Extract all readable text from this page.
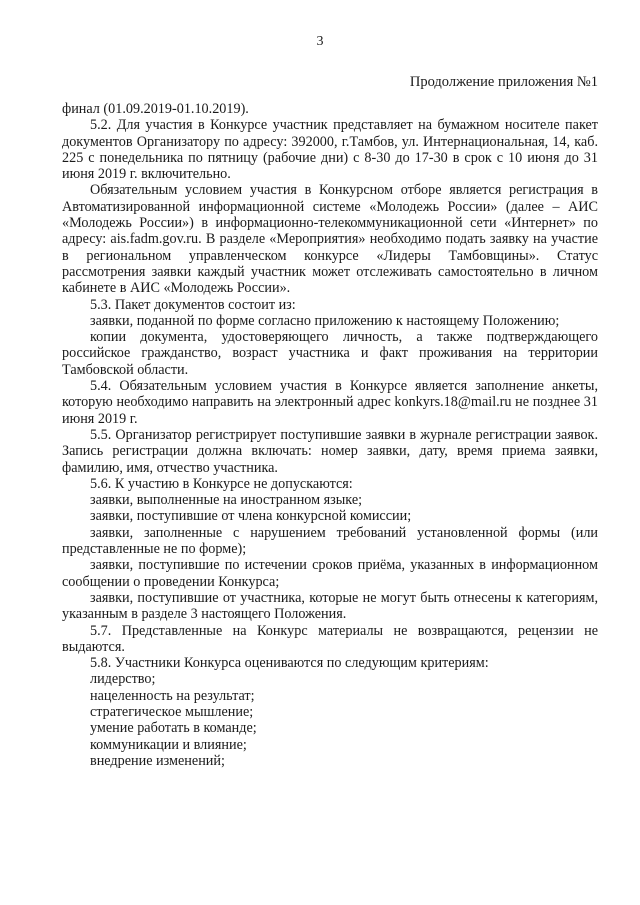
3
Продолжение приложения №1

финал (01.09.2019-01.10.2019).

5.2. Для участия в Конкурсе участник представляет на бумажном носителе пакет документов Организатору по адресу: 392000, г.Тамбов, ул. Интернациональная, 14, каб. 225 с понедельника по пятницу (рабочие дни) с 8-30 до 17-30 в срок с 10 июня до 31 июня 2019 г. включительно.

Обязательным условием участия в Конкурсном отборе является регистрация в Автоматизированной информационной системе «Молодежь России» (далее – АИС «Молодежь России») в информационно-телекоммуникационной сети «Интернет» по адресу: ais.fadm.gov.ru. В разделе «Мероприятия» необходимо подать заявку на участие в региональном управленческом конкурсе «Лидеры Тамбовщины». Статус рассмотрения заявки каждый участник может отслеживать самостоятельно в личном кабинете в АИС «Молодежь России».

5.3. Пакет документов состоит из:

заявки, поданной по форме согласно приложению к настоящему Положению;

копии документа, удостоверяющего личность, а также подтверждающего российское гражданство, возраст участника и факт проживания на территории Тамбовской области.

5.4. Обязательным условием участия в Конкурсе является заполнение анкеты, которую необходимо направить на электронный адрес konkyrs.18@mail.ru не позднее 31 июня 2019 г.

5.5. Организатор регистрирует поступившие заявки в журнале регистрации заявок. Запись регистрации должна включать: номер заявки, дату, время приема заявки, фамилию, имя, отчество участника.

5.6. К участию в Конкурсе не допускаются:

заявки, выполненные на иностранном языке;

заявки, поступившие от члена конкурсной комиссии;

заявки, заполненные с нарушением требований установленной формы (или представленные не по форме);

заявки, поступившие по истечении сроков приёма, указанных в информационном сообщении о проведении Конкурса;

заявки, поступившие от участника, которые не могут быть отнесены к категориям, указанным в разделе 3 настоящего Положения.

5.7. Представленные на Конкурс материалы не возвращаются, рецензии не выдаются.

5.8. Участники Конкурса оцениваются по следующим критериям:

лидерство;

нацеленность на результат;

стратегическое мышление;

умение работать в команде;

коммуникации и влияние;

внедрение изменений;
